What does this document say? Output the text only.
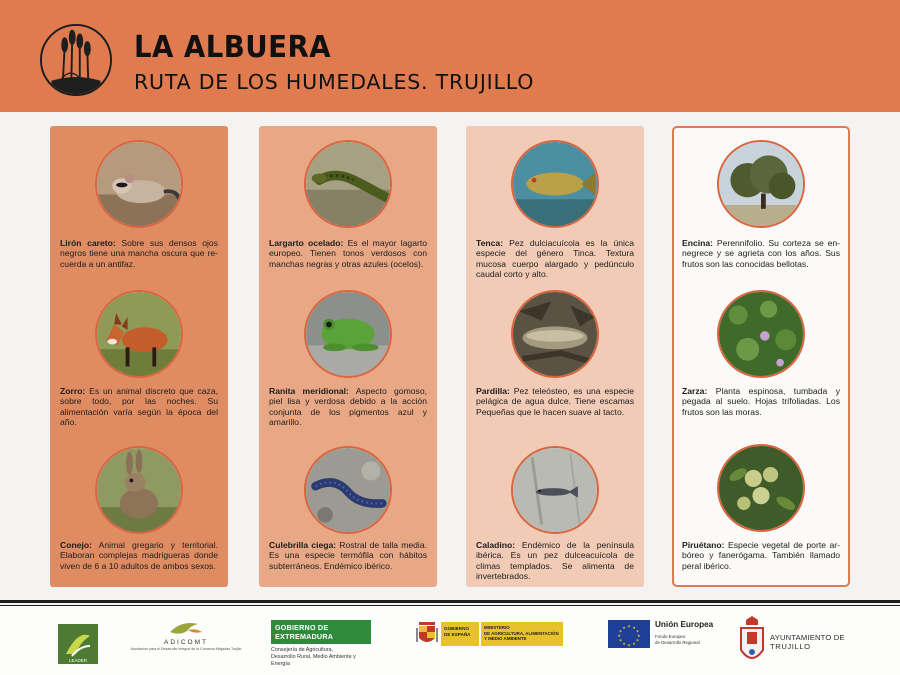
LA ALBUERA
RUTA DE LOS HUMEDALES. TRUJILLO
Lirón careto: Sobre sus densos ojos negros tiene una mancha oscura que re-cuerda a un antifaz.
Zorro: Es un animal discreto que caza, sobre todo, por las noches. Su alimentación varía según la época del año.
Conejo: Animal gregario y territorial. Elaboran complejas madrigueras donde viven de 6 a 10 adultos de ambos sexos.
Largarto ocelado: Es el mayor lagarto europeo. Tienen tonos verdosos con manchas negras y otras azules (ocelos).
Ranita meridional: Aspecto gomoso, piel lisa y verdosa debido a la acción conjunta de los pigmentos azul y amarillo.
Culebrilla ciega: Rostral de talla media. Es una especie termófila con hábitos subterráneos. Endémico ibérico.
Tenca: Pez dulciacuícola es la única especie del género Tinca. Textura mucosa cuerpo alargado y pedúnculo caudal corto y alto.
Pardilla: Pez teleósteo, es una especie pelágica de agua dulce. Tiene escamas Pequeñas que le hacen suave al tacto.
Caladino: Endémico de la península ibérica. Es un pez dulceacuícola de climas templados. Se alimenta de invertebrados.
Encina: Perennifolio. Su corteza se en-negrece y se agrieta con los años. Sus frutos son las conocidas bellotas.
Zarza: Planta espinosa, tumbada y pegada al suelo. Hojas trifoliadas. Los frutos son las moras.
Piruétano: Especie vegetal de porte ar-bóreo y fanerógama. También llamado peral ibérico.
LEADER
ADICOMT
Asociación para el Desarrollo Integral de la Comarca Miajadas Trujillo
GOBIERNO DE EXTREMADURA
Consejería de Agricultura,
Desarrollo Rural, Medio Ambiente y Energía
GOBIERNO
DE ESPAÑA
MINISTERIO
DE AGRICULTURA, ALIMENTACIÓN
Y MEDIO AMBIENTE
★ ★
★
★
★
★
★
★
★
★
★
★	Unión Europea
Fondo Europeo
de Desarrollo Regional
AYUNTAMIENTO DE
TRUJILLO
